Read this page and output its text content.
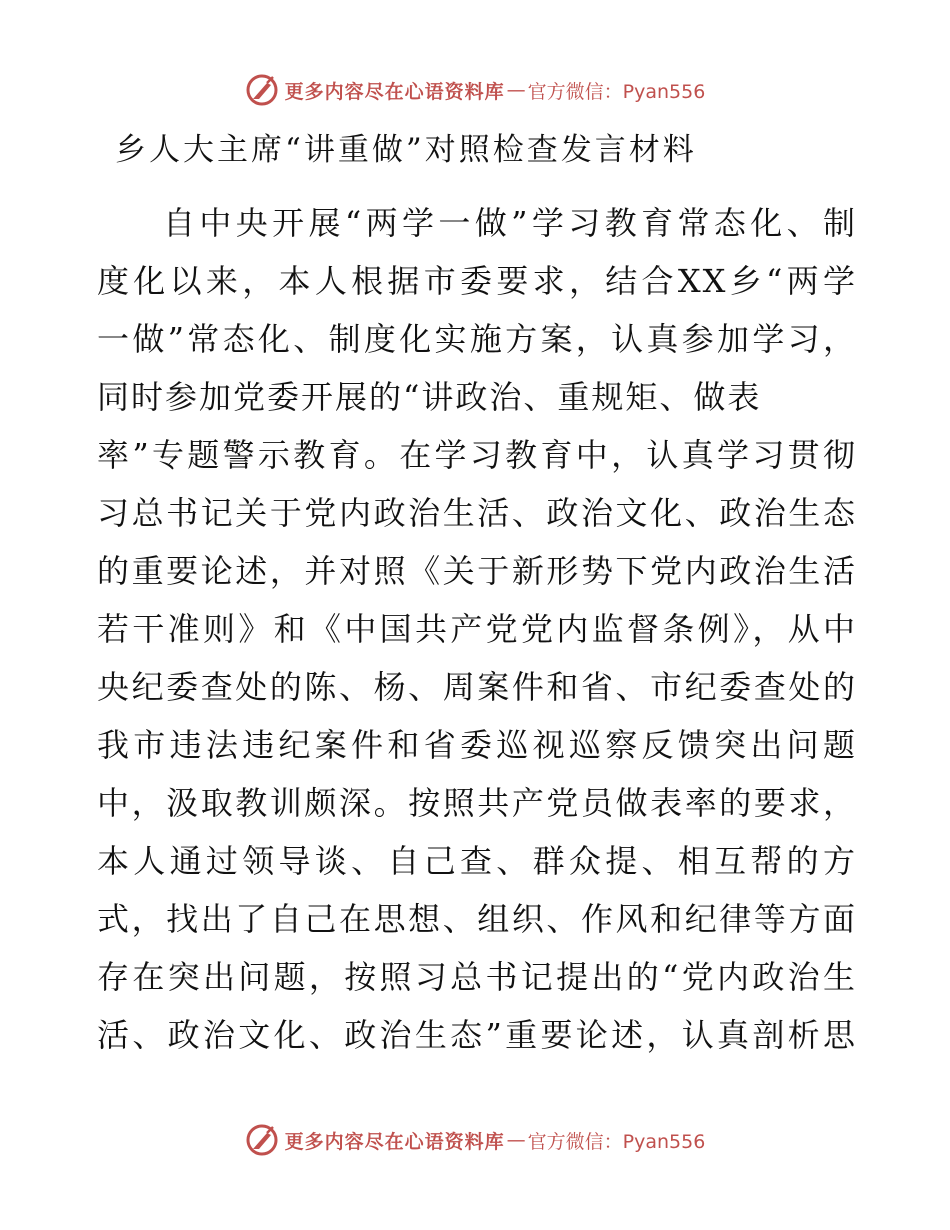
更多内容尽在心语资料库 — 官方微信：Pyan556
乡人大主席“讲重做”对照检查发言材料
自中央开展“两学一做”学习教育常态化、制
度化以来，本人根据市委要求，结合XX乡“两学
一做”常态化、制度化实施方案，认真参加学习，
同时参加党委开展的“讲政治、重规矩、做表
率”专题警示教育。在学习教育中，认真学习贯彻
习总书记关于党内政治生活、政治文化、政治生态
的重要论述，并对照《关于新形势下党内政治生活
若干准则》和《中国共产党党内监督条例》，从中
央纪委查处的陈、杨、周案件和省、市纪委查处的
我市违法违纪案件和省委巡视巡察反馈突出问题
中，汲取教训颇深。按照共产党员做表率的要求，
本人通过领导谈、自己查、群众提、相互帮的方
式，找出了自己在思想、组织、作风和纪律等方面
存在突出问题，按照习总书记提出的“党内政治生
活、政治文化、政治生态”重要论述，认真剖析思
更多内容尽在心语资料库 — 官方微信：Pyan556
